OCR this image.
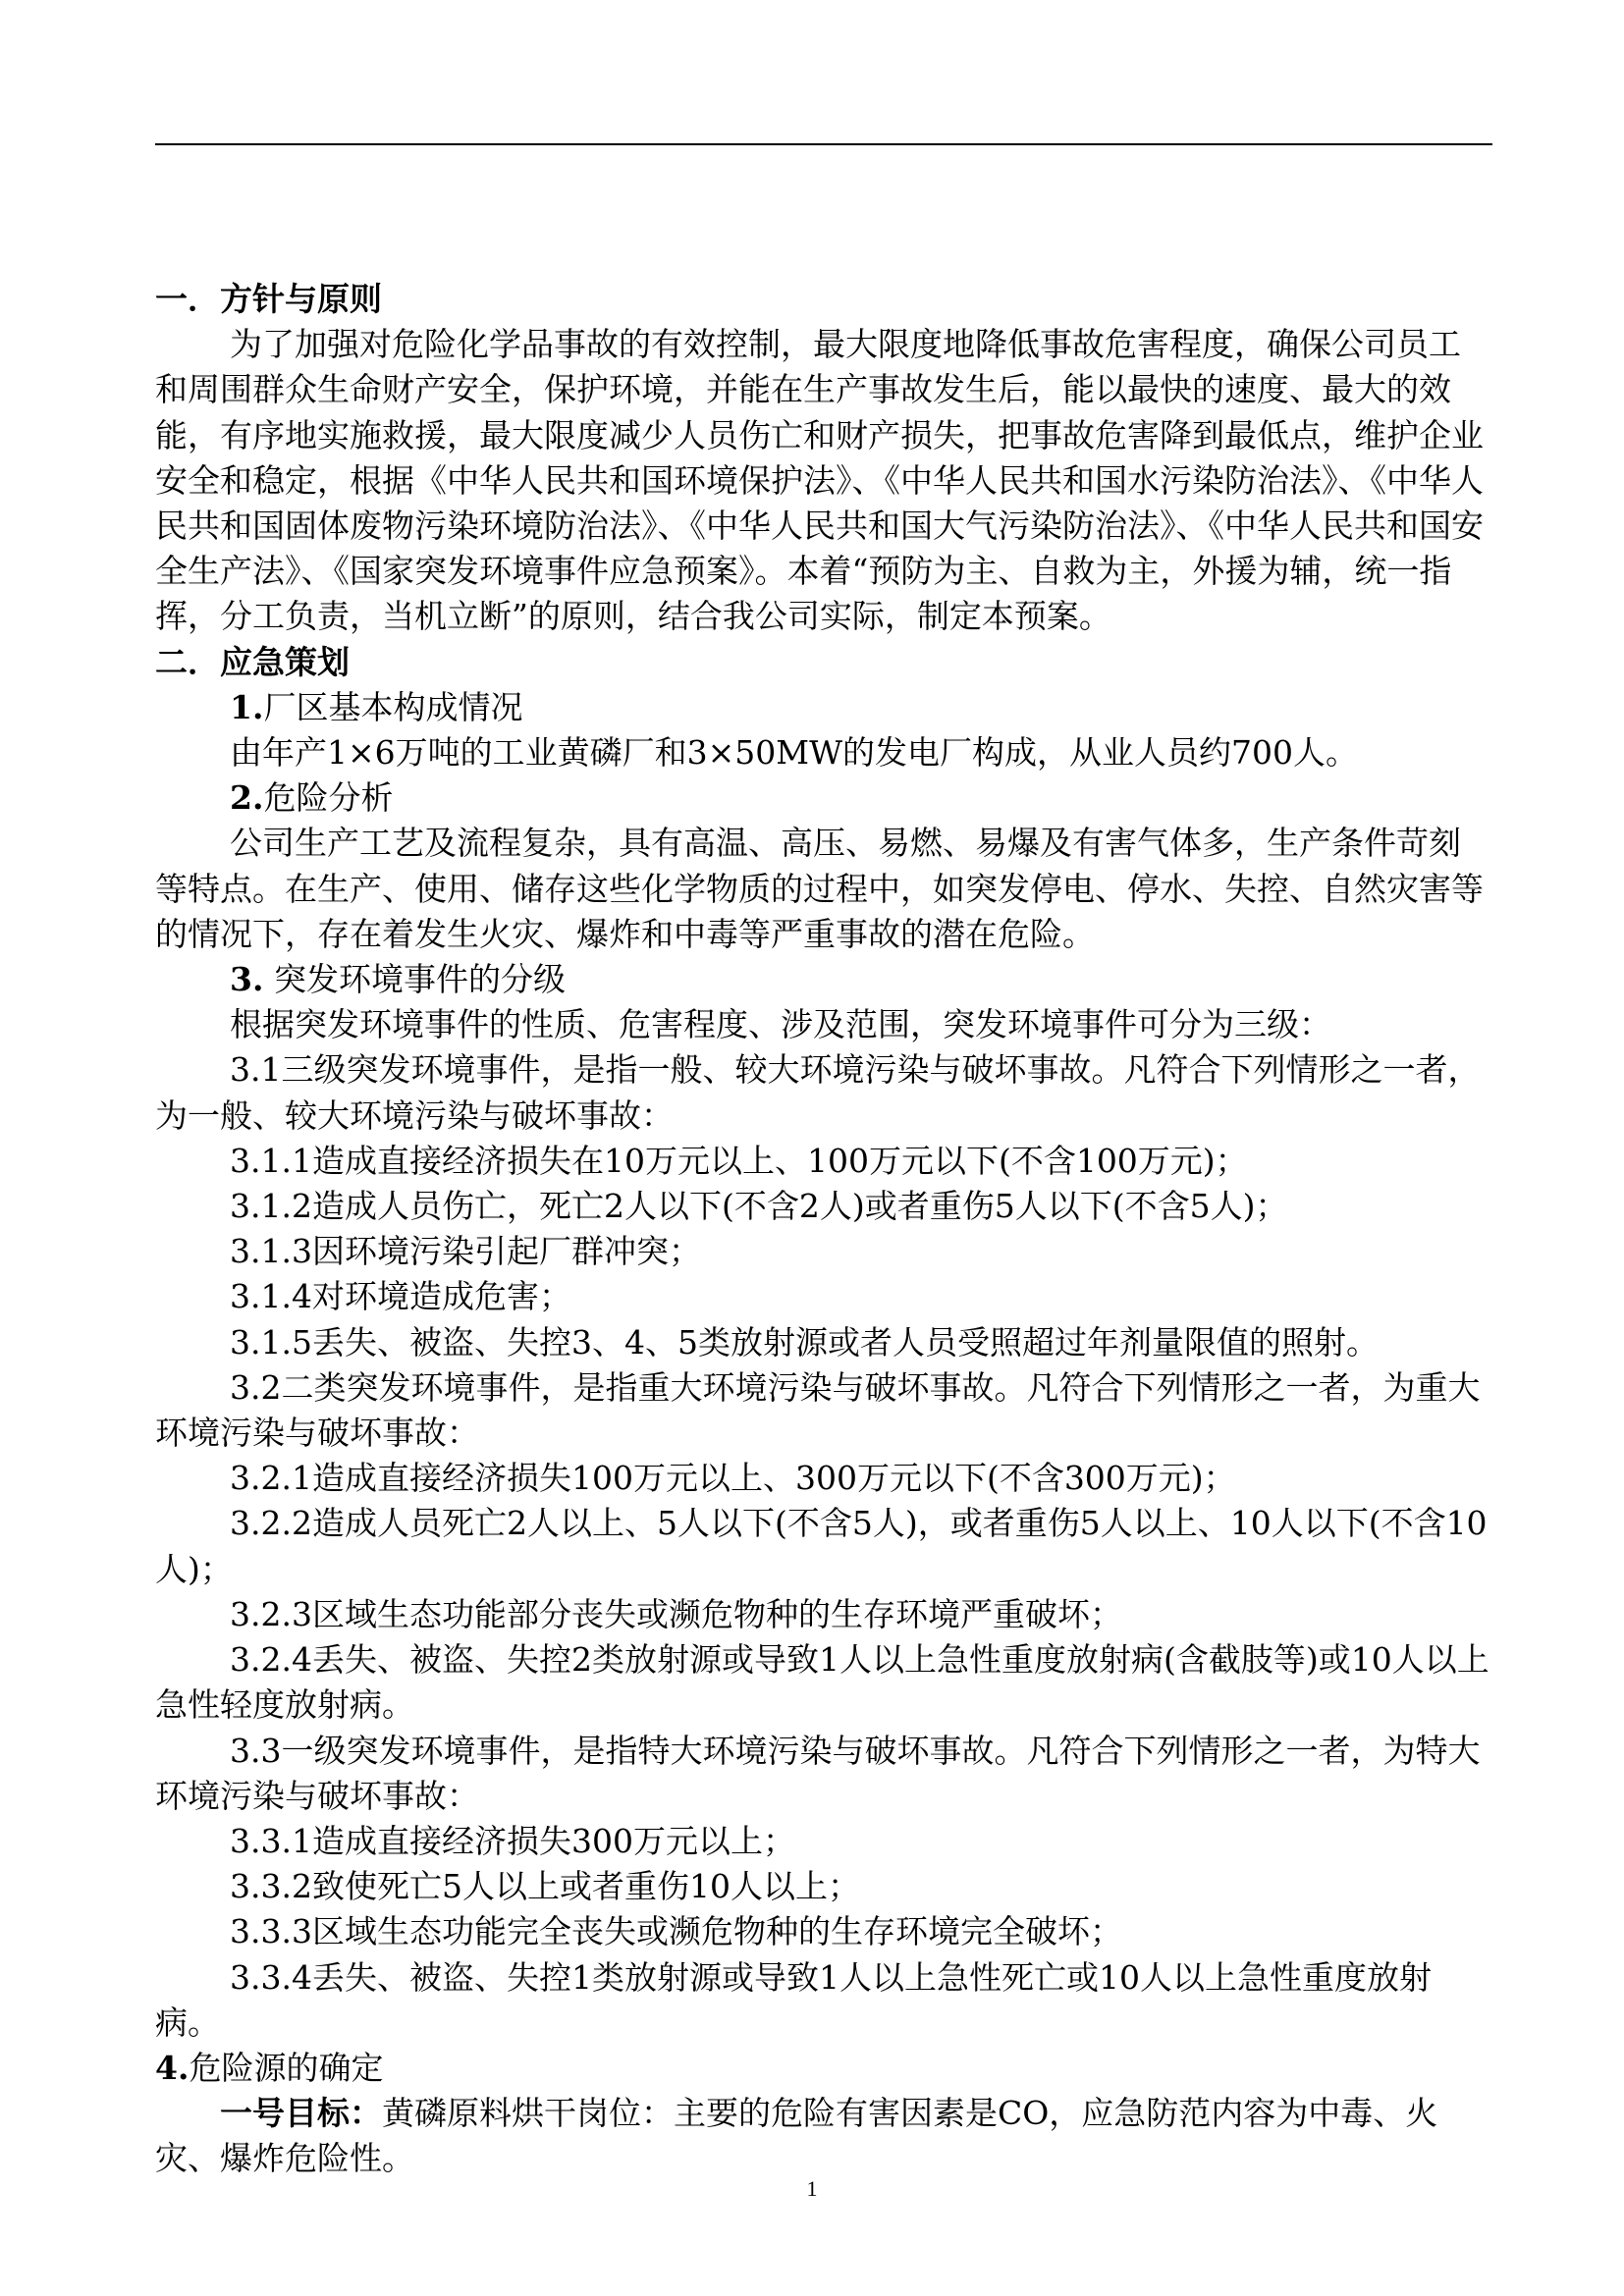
一．方针与原则

为了加强对危险化学品事故的有效控制，最大限度地降低事故危害程度，确保公司员工和周围群众生命财产安全，保护环境，并能在生产事故发生后，能以最快的速度、最大的效能，有序地实施救援，最大限度减少人员伤亡和财产损失，把事故危害降到最低点，维护企业安全和稳定，根据《中华人民共和国环境保护法》、《中华人民共和国水污染防治法》、《中华人民共和国固体废物污染环境防治法》、《中华人民共和国大气污染防治法》、《中华人民共和国安全生产法》、《国家突发环境事件应急预案》。本着“预防为主、自救为主，外援为辅，统一指挥，分工负责，当机立断”的原则，结合我公司实际，制定本预案。

二．应急策划

1.厂区基本构成情况

由年产1×6万吨的工业黄磷厂和3×50MW的发电厂构成，从业人员约700人。

2.危险分析

公司生产工艺及流程复杂，具有高温、高压、易燃、易爆及有害气体多，生产条件苛刻等特点。在生产、使用、储存这些化学物质的过程中，如突发停电、停水、失控、自然灾害等的情况下，存在着发生火灾、爆炸和中毒等严重事故的潜在危险。

3. 突发环境事件的分级

根据突发环境事件的性质、危害程度、涉及范围，突发环境事件可分为三级：

3.1三级突发环境事件，是指一般、较大环境污染与破坏事故。凡符合下列情形之一者，为一般、较大环境污染与破坏事故：

3.1.1造成直接经济损失在10万元以上、100万元以下(不含100万元)；

3.1.2造成人员伤亡，死亡2人以下(不含2人)或者重伤5人以下(不含5人)；

3.1.3因环境污染引起厂群冲突；

3.1.4对环境造成危害；

3.1.5丢失、被盗、失控3、4、5类放射源或者人员受照超过年剂量限值的照射。

3.2二类突发环境事件，是指重大环境污染与破坏事故。凡符合下列情形之一者，为重大环境污染与破坏事故：

3.2.1造成直接经济损失100万元以上、300万元以下(不含300万元)；

3.2.2造成人员死亡2人以上、5人以下(不含5人)，或者重伤5人以上、10人以下(不含10人)；

3.2.3区域生态功能部分丧失或濒危物种的生存环境严重破坏；

3.2.4丢失、被盗、失控2类放射源或导致1人以上急性重度放射病(含截肢等)或10人以上急性轻度放射病。

3.3一级突发环境事件，是指特大环境污染与破坏事故。凡符合下列情形之一者，为特大环境污染与破坏事故：

3.3.1造成直接经济损失300万元以上；

3.3.2致使死亡5人以上或者重伤10人以上；

3.3.3区域生态功能完全丧失或濒危物种的生存环境完全破坏；

3.3.4丢失、被盗、失控1类放射源或导致1人以上急性死亡或10人以上急性重度放射病。

4.危险源的确定

一号目标：黄磷原料烘干岗位：主要的危险有害因素是CO，应急防范内容为中毒、火灾、爆炸危险性。

1
